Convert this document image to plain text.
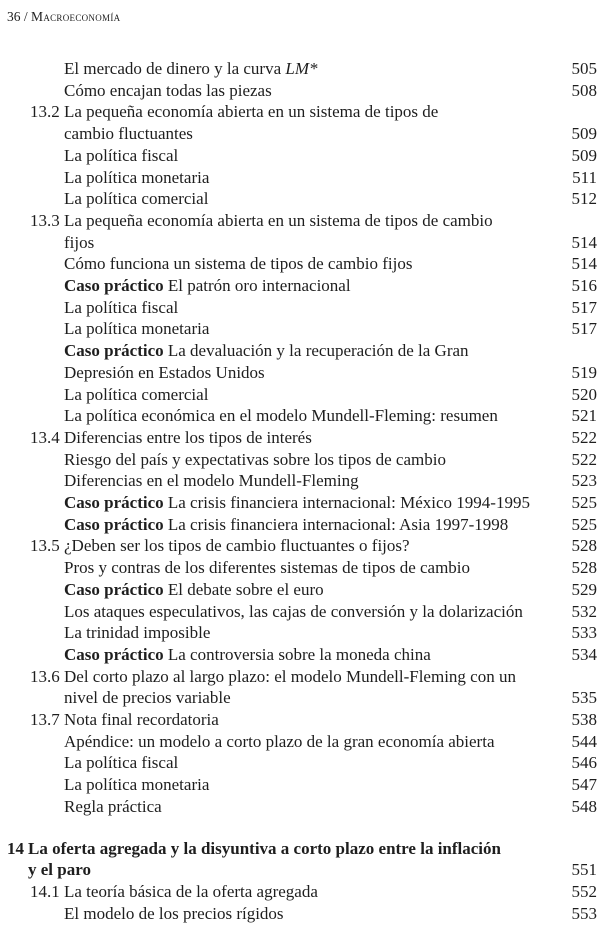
36 / Macroeconomía
El mercado de dinero y la curva LM*	505
Cómo encajan todas las piezas	508
13.2 La pequeña economía abierta en un sistema de tipos de
cambio fluctuantes	509
La política fiscal	509
La política monetaria	511
La política comercial	512
13.3 La pequeña economía abierta en un sistema de tipos de cambio
fijos	514
Cómo funciona un sistema de tipos de cambio fijos	514
Caso práctico El patrón oro internacional	516
La política fiscal	517
La política monetaria	517
Caso práctico La devaluación y la recuperación de la Gran
Depresión en Estados Unidos	519
La política comercial	520
La política económica en el modelo Mundell-Fleming: resumen	521
13.4 Diferencias entre los tipos de interés	522
Riesgo del país y expectativas sobre los tipos de cambio	522
Diferencias en el modelo Mundell-Fleming	523
Caso práctico La crisis financiera internacional: México 1994-1995 525
Caso práctico La crisis financiera internacional: Asia 1997-1998	525
13.5 ¿Deben ser los tipos de cambio fluctuantes o fijos?	528
Pros y contras de los diferentes sistemas de tipos de cambio	528
Caso práctico El debate sobre el euro	529
Los ataques especulativos, las cajas de conversión y la dolarización	532
La trinidad imposible	533
Caso práctico La controversia sobre la moneda china	534
13.6 Del corto plazo al largo plazo: el modelo Mundell-Fleming con un
nivel de precios variable	535
13.7 Nota final recordatoria	538
Apéndice: un modelo a corto plazo de la gran economía abierta	544
La política fiscal	546
La política monetaria	547
Regla práctica	548
14 La oferta agregada y la disyuntiva a corto plazo entre la inflación
y el paro	551
14.1 La teoría básica de la oferta agregada	552
El modelo de los precios rígidos	553
